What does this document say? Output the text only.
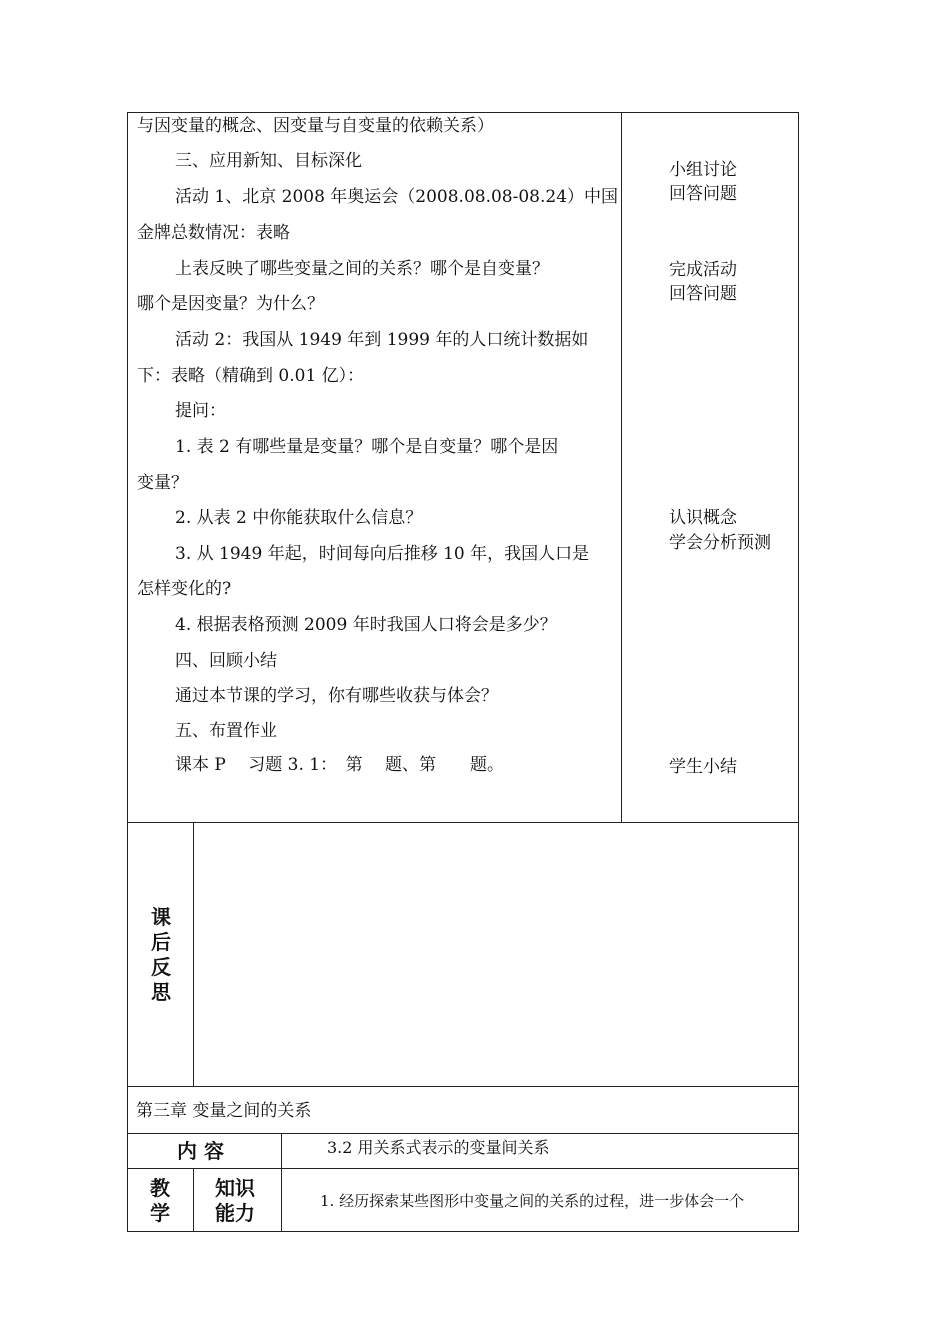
与因变量的概念、因变量与自变量的依赖关系）
三、应用新知、目标深化
活动 1、北京 2008 年奥运会（2008.08.08-08.24）中国
金牌总数情况：表略
上表反映了哪些变量之间的关系？哪个是自变量？
哪个是因变量？为什么？
活动 2：我国从 1949 年到 1999 年的人口统计数据如
下：表略（精确到 0.01 亿）：
提问：
1. 表 2 有哪些量是变量？哪个是自变量？哪个是因
变量？
2. 从表 2 中你能获取什么信息？
3. 从 1949 年起，时间每向后推移 10 年，我国人口是
怎样变化的?
4. 根据表格预测 2009 年时我国人口将会是多少？
四、回顾小结
通过本节课的学习，你有哪些收获与体会？
五、布置作业
课本 P　 习题 3. 1：　第　 题、第　　题。
小组讨论
回答问题
完成活动
回答问题
认识概念
学会分析预测
学生小结
课
后
反
思
第三章 变量之间的关系
内 容	3.2 用关系式表示的变量间关系
教
学
知识
能力	1. 经历探索某些图形中变量之间的关系的过程，进一步体会一个
